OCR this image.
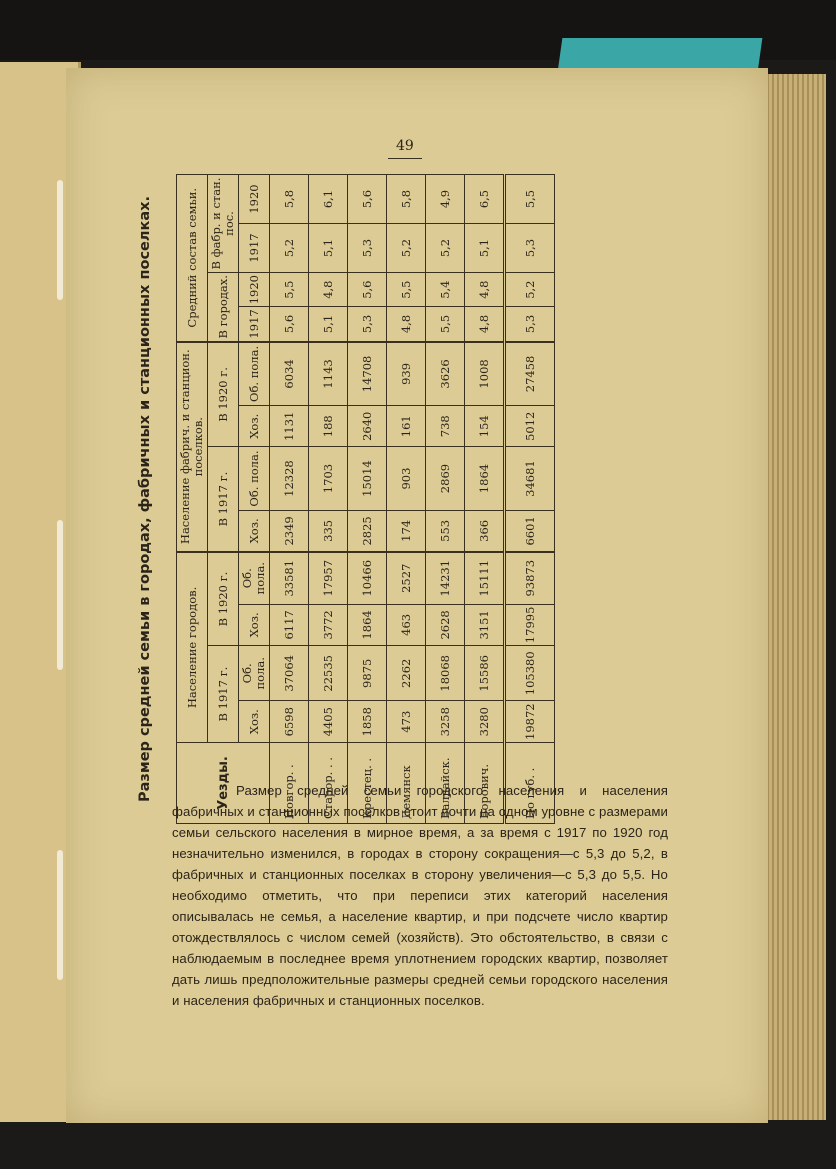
49
Размер средней семьи в городах, фабричных и станционных поселках.	Уезды.	Население городов.				Население фабрич. и станцион. поселков.				Средний состав семьи.			
	В 1917 г.		В 1920 г.		В 1917 г.		В 1920 г.		В городах.		В фабр. и стан. пос.	
	Хоз.	Об. пола.	Хоз.	Об. пола.	Хоз.	Об. пола.	Хоз.	Об. пола.	1917	1920	1917	1920
Новгор. .	6598	37064	6117	33581	2349	12328	1131	6034	5,6	5,5	5,2	5,8
Старор. . .	4405	22535	3772	17957	335	1703	188	1143	5,1	4,8	5,1	6,1
Крестец. .	1858	9875	1864	10466	2825	15014	2640	14708	5,3	5,6	5,3	5,6
Демянск	473	2262	463	2527	174	903	161	939	4,8	5,5	5,2	5,8
Валдайск.	3258	18068	2628	14231	553	2869	738	3626	5,5	5,4	5,2	4,9
Борович.	3280	15586	3151	15111	366	1864	154	1008	4,8	4,8	5,1	6,5
По губ. .	19872	105380	17995	93873	6601	34681	5012	27458	5,3	5,2	5,3	5,5
Размер средней семьи городского населения и населения фабричных и станционных поселков стоит почти на одном уровне с размерами семьи сельского населения в мирное время, а за время с 1917 по 1920 год незначительно изменился, в городах в сторону сокращения—с 5,3 до 5,2, в фабричных и станционных поселках в сторону увеличения—с 5,3 до 5,5. Но необходимо отметить, что при переписи этих категорий населения описывалась не семья, а население квартир, и при подсчете число квартир отождествлялось с числом семей (хозяйств). Это обстоятельство, в связи с наблюдаемым в последнее время уплотнением городских квартир, позволяет дать лишь предположительные размеры средней семьи городского населения и населения фабричных и станционных поселков.
